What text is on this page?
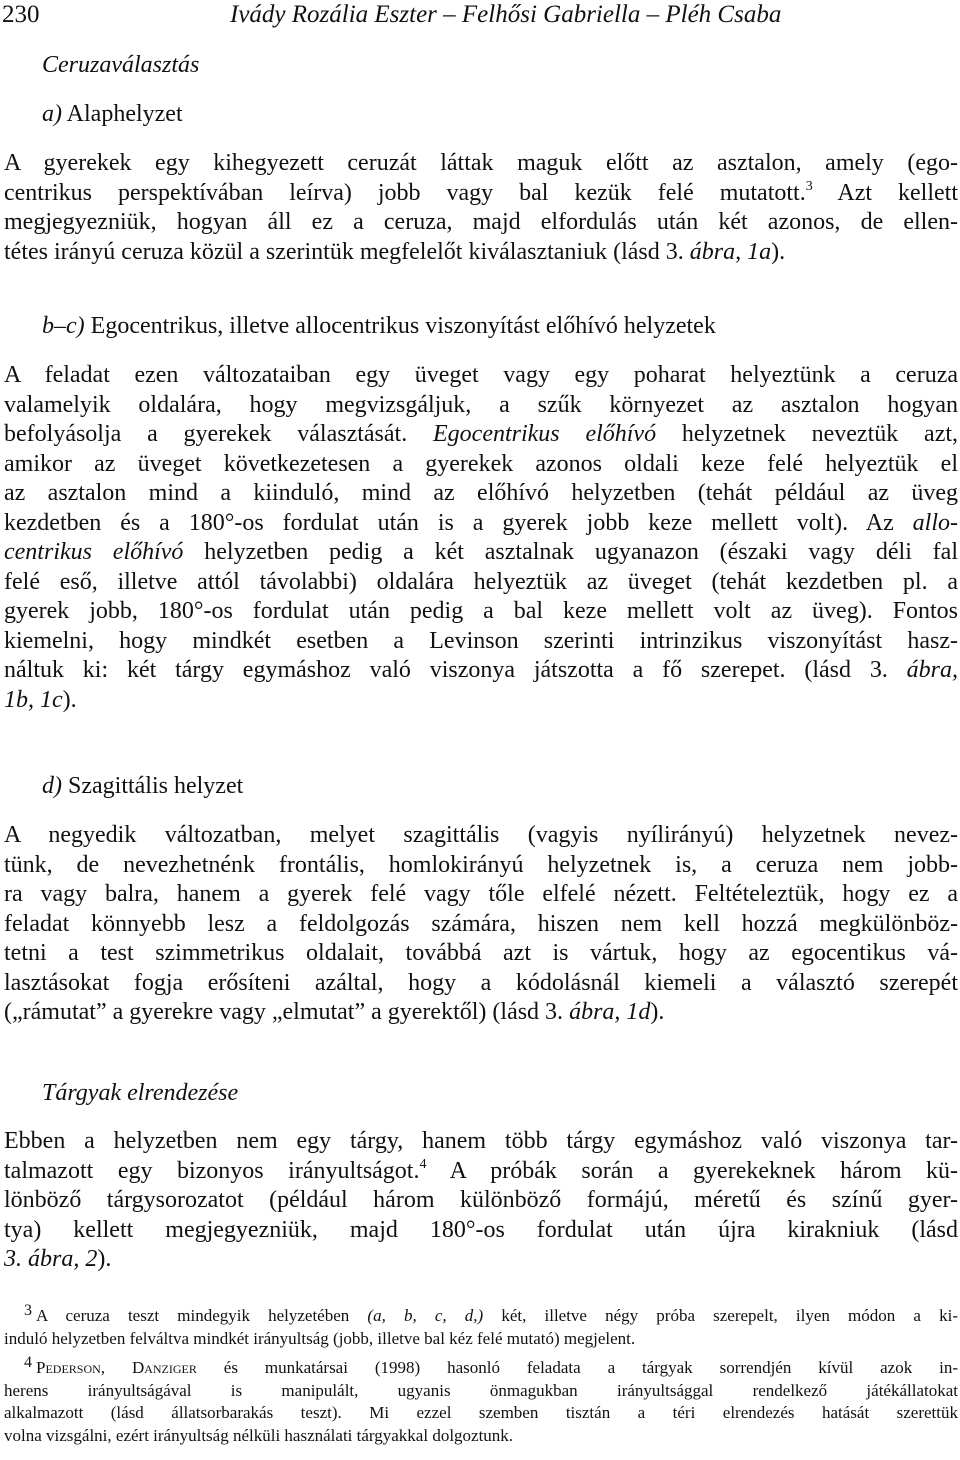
230	Ivády Rozália Eszter – Felhősi Gabriella – Pléh Csaba
Ceruzaválasztás
a) Alaphelyzet
A gyerekek egy kihegyezett ceruzát láttak maguk előtt az asztalon, amely (ego-
centrikus perspektívában leírva) jobb vagy bal kezük felé mutatott.$^3$ Azt kellett
megjegyezniük, hogyan áll ez a ceruza, majd elfordulás után két azonos, de ellen-
tétes irányú ceruza közül a szerintük megfelelőt kiválasztaniuk (lásd 3. ábra, 1a).
b–c) Egocentrikus, illetve allocentrikus viszonyítást előhívó helyzetek
A feladat ezen változataiban egy üveget vagy egy poharat helyeztünk a ceruza
valamelyik oldalára, hogy megvizsgáljuk, a szűk környezet az asztalon hogyan
befolyásolja a gyerekek választását. Egocentrikus előhívó helyzetnek neveztük azt,
amikor az üveget következetesen a gyerekek azonos oldali keze felé helyeztük el
az asztalon mind a kiinduló, mind az előhívó helyzetben (tehát például az üveg
kezdetben és a 180°-os fordulat után is a gyerek jobb keze mellett volt). Az allo-
centrikus előhívó helyzetben pedig a két asztalnak ugyanazon (északi vagy déli fal
felé eső, illetve attól távolabbi) oldalára helyeztük az üveget (tehát kezdetben pl. a
gyerek jobb, 180°-os fordulat után pedig a bal keze mellett volt az üveg). Fontos
kiemelni, hogy mindkét esetben a Levinson szerinti intrinzikus viszonyítást hasz-
náltuk ki: két tárgy egymáshoz való viszonya játszotta a fő szerepet. (lásd 3. ábra,
1b, 1c).
d) Szagittális helyzet
A negyedik változatban, melyet szagittális (vagyis nyílirányú) helyzetnek nevez-
tünk, de nevezhetnénk frontális, homlokirányú helyzetnek is, a ceruza nem jobb-
ra vagy balra, hanem a gyerek felé vagy tőle elfelé nézett. Feltételeztük, hogy ez a
feladat könnyebb lesz a feldolgozás számára, hiszen nem kell hozzá megkülönböz-
tetni a test szimmetrikus oldalait, továbbá azt is vártuk, hogy az egocentikus vá-
lasztásokat fogja erősíteni azáltal, hogy a kódolásnál kiemeli a választó szerepét
(„rámutat” a gyerekre vagy „elmutat” a gyerektől) (lásd 3. ábra, 1d).
Tárgyak elrendezése
Ebben a helyzetben nem egy tárgy, hanem több tárgy egymáshoz való viszonya tar-
talmazott egy bizonyos irányultságot.$^4$ A próbák során a gyerekeknek három kü-
lönböző tárgysorozatot (például három különböző formájú, méretű és színű gyer-
tya) kellett megjegyezniük, majd 180°-os fordulat után újra kirakniuk (lásd
3. ábra, 2).
3 A ceruza teszt mindegyik helyzetében (a, b, c, d,) két, illetve négy próba szerepelt, ilyen módon a ki-
induló helyzetben felváltva mindkét irányultság (jobb, illetve bal kéz felé mutató) megjelent.
4 Pederson, Danziger és munkatársai (1998) hasonló feladata a tárgyak sorrendjén kívül azok in-
herens irányultságával is manipulált, ugyanis önmagukban irányultsággal rendelkező játékállatokat
alkalmazott (lásd állatsorbarakás teszt). Mi ezzel szemben tisztán a téri elrendezés hatását szerettük
volna vizsgálni, ezért irányultság nélküli használati tárgyakkal dolgoztunk.
